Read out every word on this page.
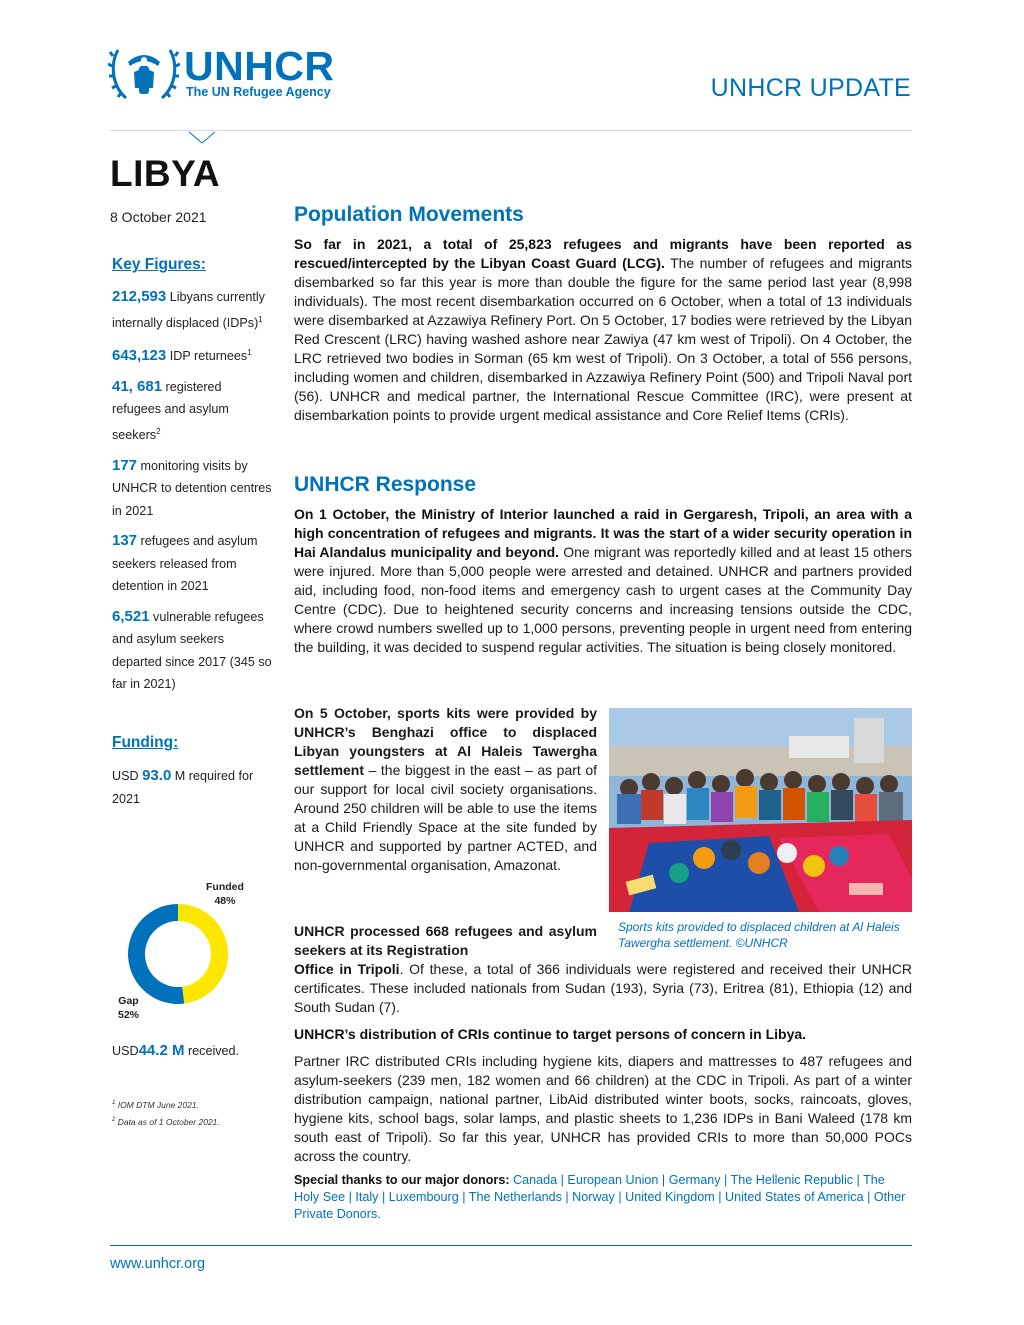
UNHCR
The UN Refugee Agency	UNHCR UPDATE
LIBYA
8 October 2021
Key Figures:
212,593 Libyans currently internally displaced (IDPs)$^1$
643,123 IDP returnees$^1$
41, 681 registered refugees and asylum seekers$^2$
177 monitoring visits by UNHCR to detention centres in 2021
137 refugees and asylum seekers released from detention in 2021
6,521 vulnerable refugees and asylum seekers departed since 2017 (345 so far in 2021)
Funding:
USD 93.0 M required for 2021
Funded
48%
Gap
52%
USD44.2 M received.
$^1$ IOM DTM June 2021.
$^2$ Data as of 1 October 2021.
Population Movements
So far in 2021, a total of 25,823 refugees and migrants have been reported as rescued/intercepted by the Libyan Coast Guard (LCG). The number of refugees and migrants disembarked so far this year is more than double the figure for the same period last year (8,998 individuals). The most recent disembarkation occurred on 6 October, when a total of 13 individuals were disembarked at Azzawiya Refinery Port. On 5 October, 17 bodies were retrieved by the Libyan Red Crescent (LRC) having washed ashore near Zawiya (47 km west of Tripoli). On 4 October, the LRC retrieved two bodies in Sorman (65 km west of Tripoli). On 3 October, a total of 556 persons, including women and children, disembarked in Azzawiya Refinery Point (500) and Tripoli Naval port (56). UNHCR and medical partner, the International Rescue Committee (IRC), were present at disembarkation points to provide urgent medical assistance and Core Relief Items (CRIs).
UNHCR Response
On 1 October, the Ministry of Interior launched a raid in Gergaresh, Tripoli, an area with a high concentration of refugees and migrants. It was the start of a wider security operation in Hai Alandalus municipality and beyond. One migrant was reportedly killed and at least 15 others were injured. More than 5,000 people were arrested and detained. UNHCR and partners provided aid, including food, non-food items and emergency cash to urgent cases at the Community Day Centre (CDC). Due to heightened security concerns and increasing tensions outside the CDC, where crowd numbers swelled up to 1,000 persons, preventing people in urgent need from entering the building, it was decided to suspend regular activities. The situation is being closely monitored.
On 5 October, sports kits were provided by UNHCR’s Benghazi office to displaced Libyan youngsters at Al Haleis Tawergha settlement – the biggest in the east – as part of our support for local civil society organisations. Around 250 children will be able to use the items at a Child Friendly Space at the site funded by UNHCR and supported by partner ACTED, and non-governmental organisation, Amazonat.
Sports kits provided to displaced children at Al Haleis Tawergha settlement. ©UNHCR
UNHCR processed 668 refugees and asylum seekers at its Registration
Office in Tripoli. Of these, a total of 366 individuals were registered and received their UNHCR certificates. These included nationals from Sudan (193), Syria (73), Eritrea (81), Ethiopia (12) and South Sudan (7).
UNHCR’s distribution of CRIs continue to target persons of concern in Libya.
Partner IRC distributed CRIs including hygiene kits, diapers and mattresses to 487 refugees and asylum-seekers (239 men, 182 women and 66 children) at the CDC in Tripoli. As part of a winter distribution campaign, national partner, LibAid distributed winter boots, socks, raincoats, gloves, hygiene kits, school bags, solar lamps, and plastic sheets to 1,236 IDPs in Bani Waleed (178 km south east of Tripoli). So far this year, UNHCR has provided CRIs to more than 50,000 POCs across the country.
Special thanks to our major donors: Canada | European Union | Germany | The Hellenic Republic | The Holy See | Italy | Luxembourg | The Netherlands | Norway | United Kingdom | United States of America | Other Private Donors.
www.unhcr.org
